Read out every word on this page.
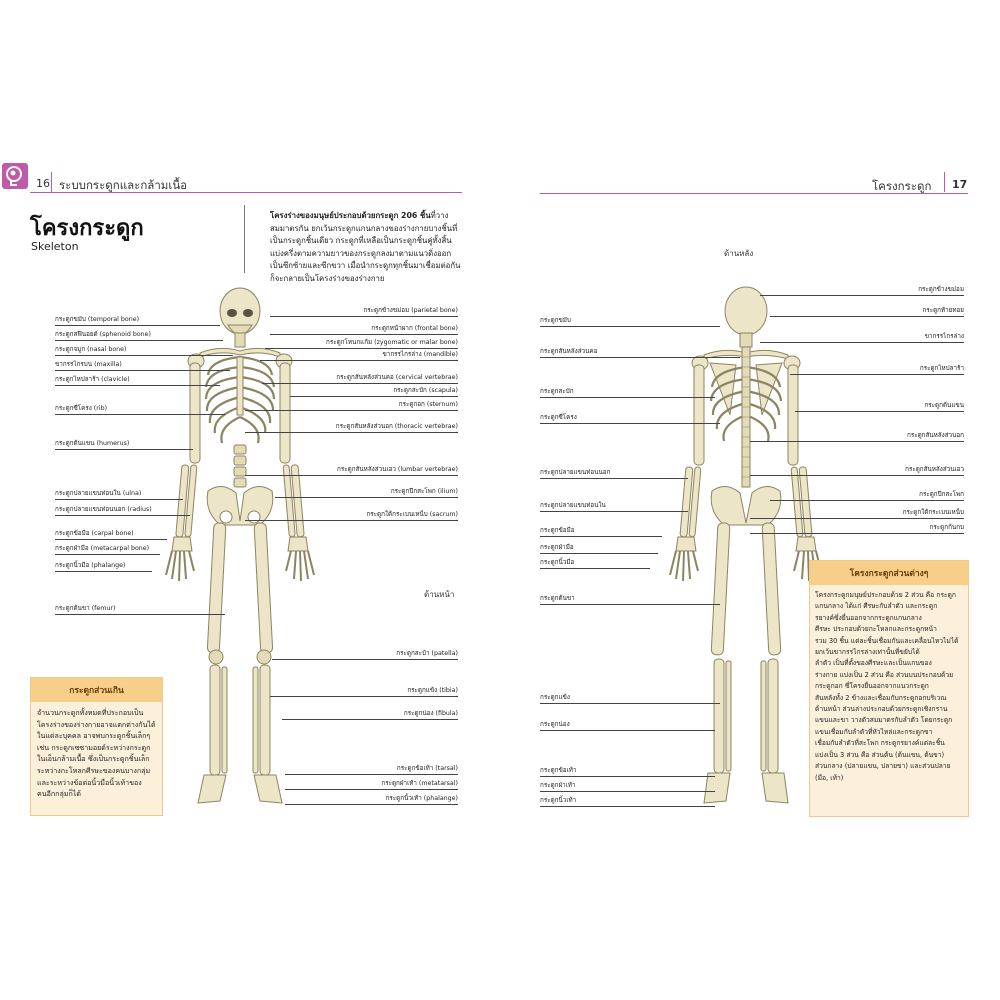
16 ระบบกระดูกและกล้ามเนื้อ	โครงกระดูก 17
โครงกระดูก
Skeleton
โครงร่างของมนุษย์ประกอบด้วยกระดูก 206 ชิ้นที่วางสมมาตรกัน ยกเว้นกระดูกแกนกลางของร่างกายบางชิ้นที่เป็นกระดูกชิ้นเดียว กระดูกที่เหลือเป็นกระดูกชิ้นคู่ทั้งสิ้น แบ่งครึ่งตามความยาวของกระดูกลงมาตามแนวดิ่งออกเป็นซีกซ้ายและซีกขวา เมื่อนำกระดูกทุกชิ้นมาเชื่อมต่อกันก็จะกลายเป็นโครงร่างของร่างกาย
กระดูกขมับ (temporal bone)
กระดูกสฟีนอยด์ (sphenoid bone)
กระดูกจมูก (nasal bone)
ขากรรไกรบน (maxilla)
กระดูกไหปลาร้า (clavicle)
กระดูกซี่โครง (rib)
กระดูกต้นแขน (humerus)
กระดูกปลายแขนท่อนใน (ulna)
กระดูกปลายแขนท่อนนอก (radius)
กระดูกข้อมือ (carpal bone)
กระดูกฝ่ามือ (metacarpal bone)
กระดูกนิ้วมือ (phalange)
กระดูกต้นขา (femur)
กระดูกข้างขม่อม (parietal bone)
กระดูกหน้าผาก (frontal bone)
กระดูกโหนกแก้ม (zygomatic or malar bone)
ขากรรไกรล่าง (mandible)
กระดูกสันหลังส่วนคอ (cervical vertebrae)
กระดูกสะบัก (scapula)
กระดูกอก (sternum)
กระดูกสันหลังส่วนอก (thoracic vertebrae)
กระดูกสันหลังส่วนเอว (lumbar vertebrae)
กระดูกปีกสะโพก (ilium)
กระดูกใต้กระเบนเหน็บ (sacrum)
กระดูกสะบ้า (patella)
กระดูกแข้ง (tibia)
กระดูกน่อง (fibula)
กระดูกข้อเท้า (tarsal)
กระดูกฝ่าเท้า (metatarsal)
กระดูกนิ้วเท้า (phalange)
ด้านหน้า
กระดูกส่วนเกิน
จำนวนกระดูกทั้งหมดที่ประกอบเป็น
โครงร่างของร่างกายอาจแตกต่างกันได้
ในแต่ละบุคคล อาจพบกระดูกชิ้นเล็กๆ
เช่น กระดูกเซซามอยด์ระหว่างกระดูก
ในเอ็นกล้ามเนื้อ ซึ่งเป็นกระดูกชิ้นเล็ก
ระหว่างกะโหลกศีรษะของคนบางกลุ่ม
และระหว่างข้อต่อนิ้วมือนิ้วเท้าของ
คนอีกกลุ่มก็ได้
ด้านหลัง
กระดูกขมับ
กระดูกสันหลังส่วนคอ
กระดูกสะบัก
กระดูกซี่โครง
กระดูกปลายแขนท่อนนอก
กระดูกปลายแขนท่อนใน
กระดูกข้อมือ
กระดูกฝ่ามือ
กระดูกนิ้วมือ
กระดูกต้นขา
กระดูกแข้ง
กระดูกน่อง
กระดูกข้อเท้า
กระดูกฝ่าเท้า
กระดูกนิ้วเท้า
กระดูกข้างขม่อม
กระดูกท้ายทอย
ขากรรไกรล่าง
กระดูกไหปลาร้า
กระดูกต้นแขน
กระดูกสันหลังส่วนอก
กระดูกสันหลังส่วนเอว
กระดูกปีกสะโพก
กระดูกใต้กระเบนเหน็บ
กระดูกก้นกบ
โครงกระดูกส่วนต่างๆ
โครงกระดูกมนุษย์ประกอบด้วย 2 ส่วน คือ กระดูก
แกนกลาง ได้แก่ ศีรษะกับลำตัว และกระดูก
รยางค์ซึ่งยื่นออกจากกระดูกแกนกลาง
ศีรษะ ประกอบด้วยกะโหลกและกระดูกหน้า
รวม 30 ชิ้น แต่ละชิ้นเชื่อมกันและเคลื่อนไหวไม่ได้
ยกเว้นขากรรไกรล่างเท่านั้นที่ขยับได้
ลำตัว เป็นที่ตั้งของศีรษะและเป็นแกนของ
ร่างกาย แบ่งเป็น 2 ส่วน คือ ส่วนบนประกอบด้วย
กระดูกอก ซี่โครงยื่นออกจากแนวกระดูก
สันหลังทั้ง 2 ข้างและเชื่อมกับกระดูกอกบริเวณ
ด้านหน้า ส่วนล่างประกอบด้วยกระดูกเชิงกราน
แขนและขา วางตัวสมมาตรกับลำตัว โดยกระดูก
แขนเชื่อมกับลำตัวที่หัวไหล่และกระดูกขา
เชื่อมกับลำตัวที่สะโพก กระดูกรยางค์แต่ละชิ้น
แบ่งเป็น 3 ส่วน คือ ส่วนต้น (ต้นแขน, ต้นขา)
ส่วนกลาง (ปลายแขน, ปลายขา) และส่วนปลาย
(มือ, เท้า)
